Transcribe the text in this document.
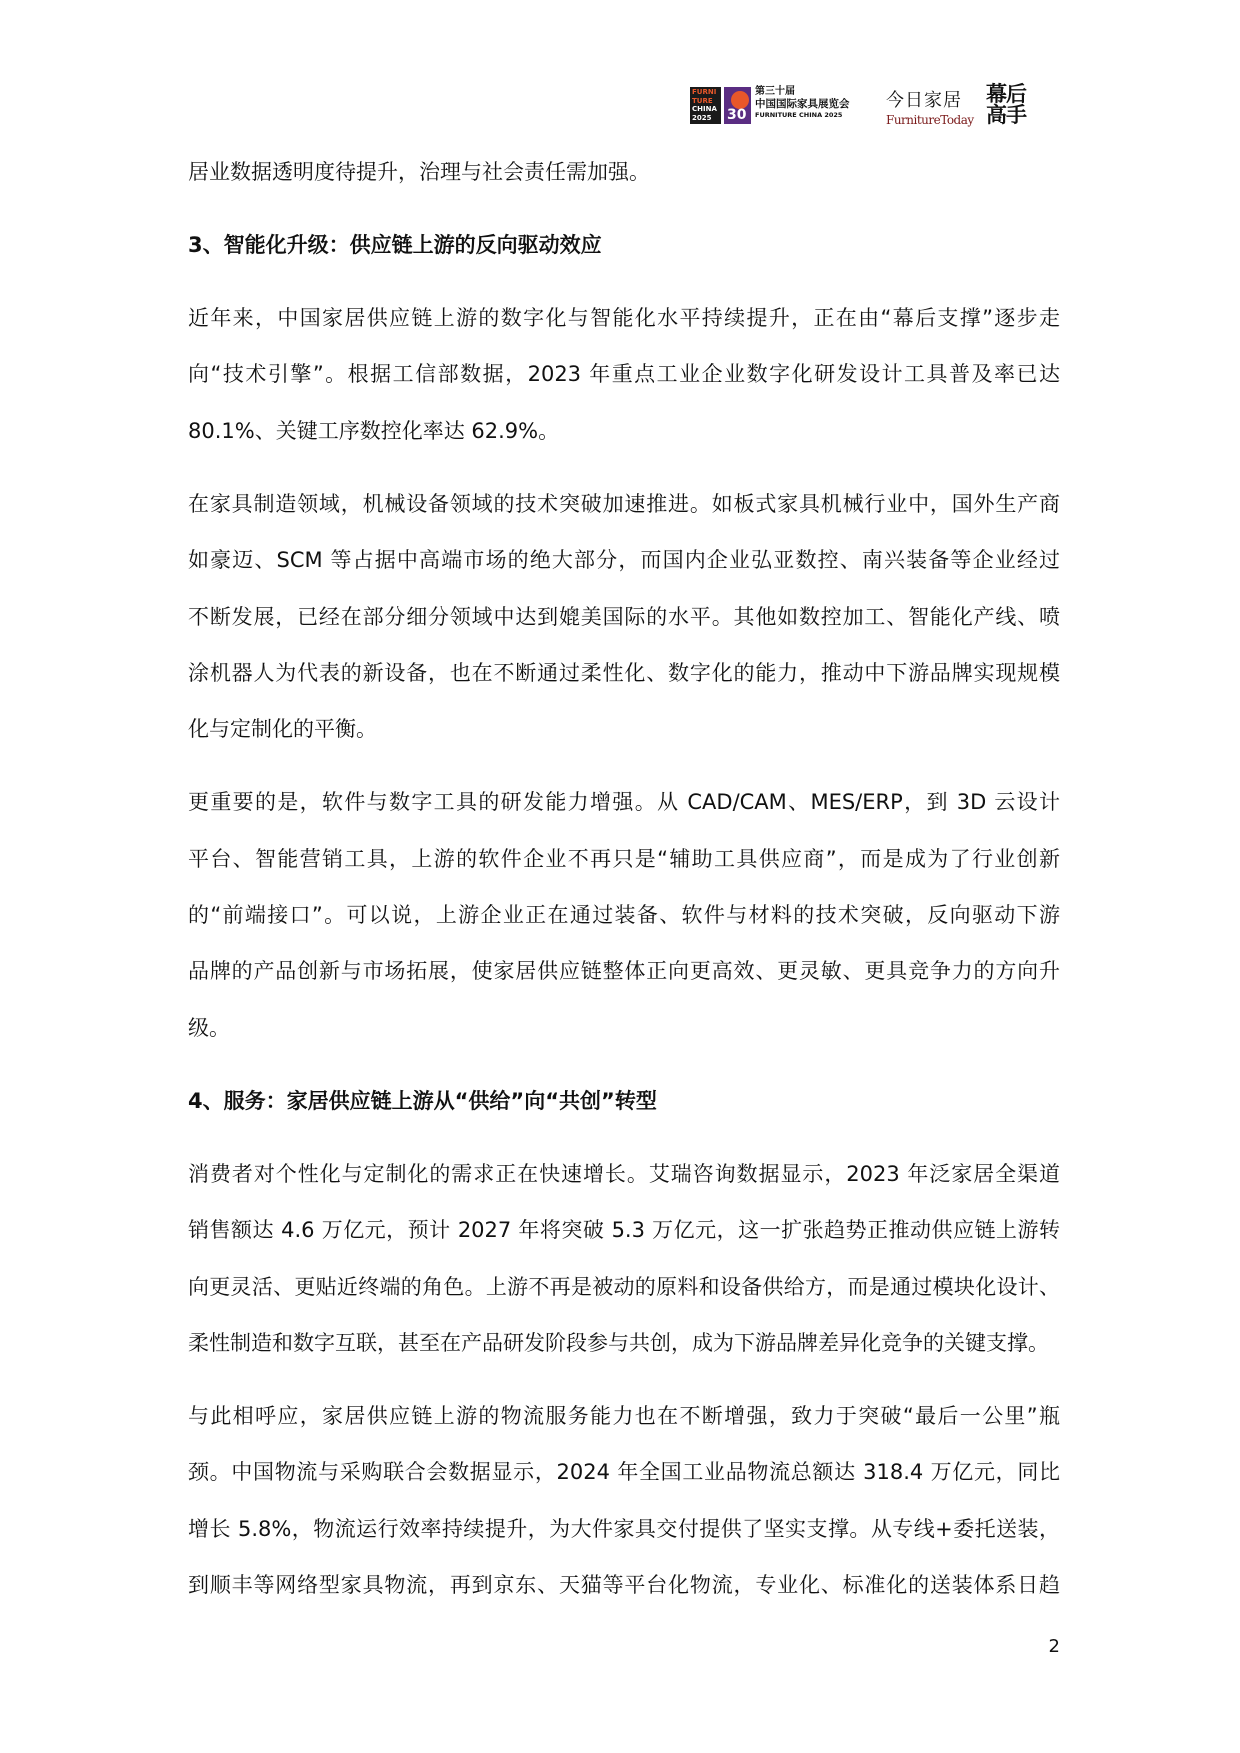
FURNI
TURE
CHINA
2025	30
第三十届
中国国际家具展览会
FURNITURE CHINA 2025
今日家居
FurnitureToday
幕后
高手
居业数据透明度待提升，治理与社会责任需加强。
3、智能化升级：供应链上游的反向驱动效应
近年来，中国家居供应链上游的数字化与智能化水平持续提升，正在由“幕后支撑”逐步走
向“技术引擎”。根据工信部数据，2023 年重点工业企业数字化研发设计工具普及率已达
80.1%、关键工序数控化率达 62.9%。
在家具制造领域，机械设备领域的技术突破加速推进。如板式家具机械行业中，国外生产商
如豪迈、SCM 等占据中高端市场的绝大部分，而国内企业弘亚数控、南兴装备等企业经过
不断发展，已经在部分细分领域中达到媲美国际的水平。其他如数控加工、智能化产线、喷
涂机器人为代表的新设备，也在不断通过柔性化、数字化的能力，推动中下游品牌实现规模
化与定制化的平衡。
更重要的是，软件与数字工具的研发能力增强。从 CAD/CAM、MES/ERP，到 3D 云设计
平台、智能营销工具，上游的软件企业不再只是“辅助工具供应商”，而是成为了行业创新
的“前端接口”。可以说，上游企业正在通过装备、软件与材料的技术突破，反向驱动下游
品牌的产品创新与市场拓展，使家居供应链整体正向更高效、更灵敏、更具竞争力的方向升
级。
4、服务：家居供应链上游从“供给”向“共创”转型
消费者对个性化与定制化的需求正在快速增长。艾瑞咨询数据显示，2023 年泛家居全渠道
销售额达 4.6 万亿元，预计 2027 年将突破 5.3 万亿元，这一扩张趋势正推动供应链上游转
向更灵活、更贴近终端的角色。上游不再是被动的原料和设备供给方，而是通过模块化设计、
柔性制造和数字互联，甚至在产品研发阶段参与共创，成为下游品牌差异化竞争的关键支撑。
与此相呼应，家居供应链上游的物流服务能力也在不断增强，致力于突破“最后一公里”瓶
颈。中国物流与采购联合会数据显示，2024 年全国工业品物流总额达 318.4 万亿元，同比
增长 5.8%，物流运行效率持续提升，为大件家具交付提供了坚实支撑。从专线+委托送装，
到顺丰等网络型家具物流，再到京东、天猫等平台化物流，专业化、标准化的送装体系日趋
2
